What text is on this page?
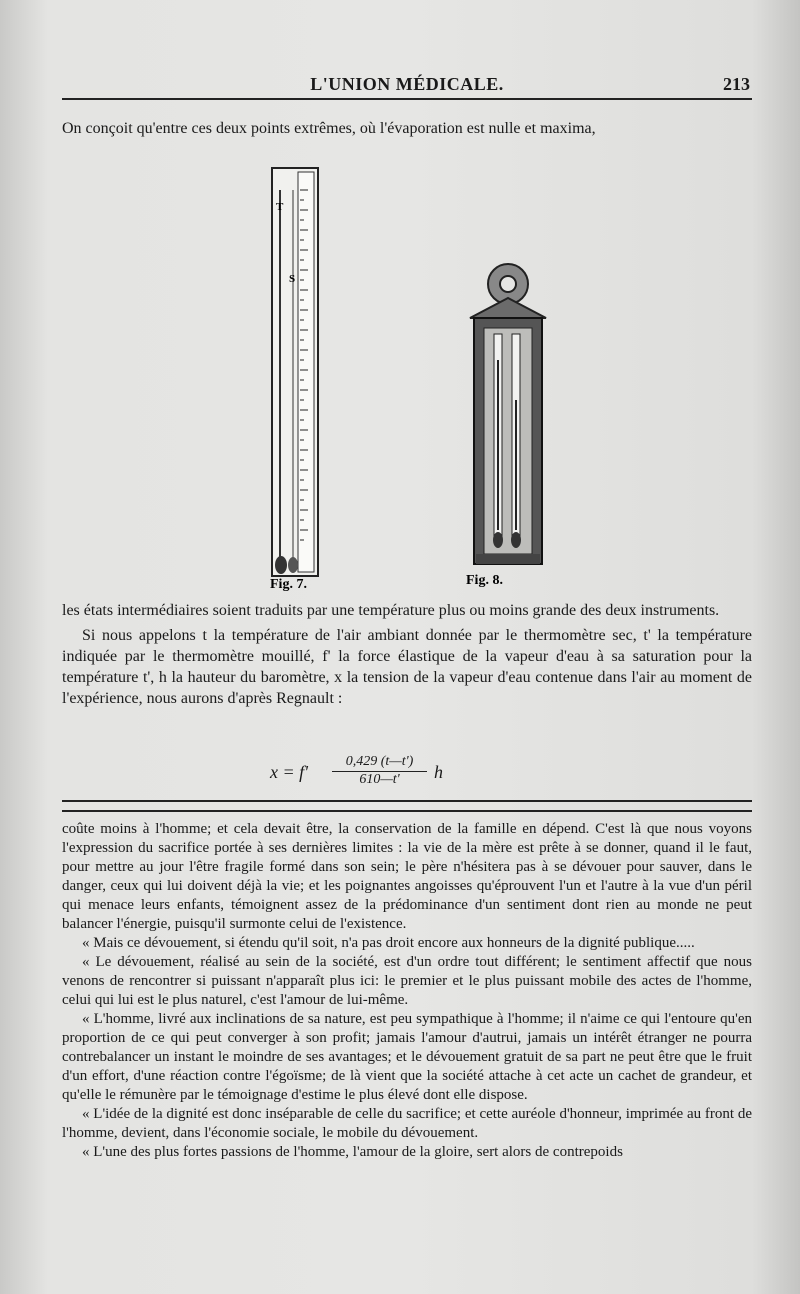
L'UNION MÉDICALE.	213
On conçoit qu'entre ces deux points extrêmes, où l'évaporation est nulle et maxima,
T
S
Fig. 7.	Fig. 8.

les états intermédiaires soient traduits par une température plus ou moins grande des deux instruments.

Si nous appelons t la température de l'air ambiant donnée par le thermomètre sec, t' la température indiquée par le thermomètre mouillé, f' la force élastique de la vapeur d'eau à sa saturation pour la température t', h la hauteur du baromètre, x la tension de la vapeur d'eau contenue dans l'air au moment de l'expérience, nous aurons d'après Regnault :

$x = f' \frac{0,429 (t—t')}{610—t'}$ h

coûte moins à l'homme; et cela devait être, la conservation de la famille en dépend. C'est là que nous voyons l'expression du sacrifice portée à ses dernières limites : la vie de la mère est prête à se donner, quand il le faut, pour mettre au jour l'être fragile formé dans son sein; le père n'hésitera pas à se dévouer pour sauver, dans le danger, ceux qui lui doivent déjà la vie; et les poignantes angoisses qu'éprouvent l'un et l'autre à la vue d'un péril qui menace leurs enfants, témoignent assez de la prédominance d'un sentiment dont rien au monde ne peut balancer l'énergie, puisqu'il surmonte celui de l'existence.

« Mais ce dévouement, si étendu qu'il soit, n'a pas droit encore aux honneurs de la dignité publique.....

« Le dévouement, réalisé au sein de la société, est d'un ordre tout différent; le sentiment affectif que nous venons de rencontrer si puissant n'apparaît plus ici: le premier et le plus puissant mobile des actes de l'homme, celui qui lui est le plus naturel, c'est l'amour de lui-même.

« L'homme, livré aux inclinations de sa nature, est peu sympathique à l'homme; il n'aime ce qui l'entoure qu'en proportion de ce qui peut converger à son profit; jamais l'amour d'autrui, jamais un intérêt étranger ne pourra contrebalancer un instant le moindre de ses avantages; et le dévouement gratuit de sa part ne peut être que le fruit d'un effort, d'une réaction contre l'égoïsme; de là vient que la société attache à cet acte un cachet de grandeur, et qu'elle le rémunère par le témoignage d'estime le plus élevé dont elle dispose.

« L'idée de la dignité est donc inséparable de celle du sacrifice; et cette auréole d'honneur, imprimée au front de l'homme, devient, dans l'économie sociale, le mobile du dévouement.

« L'une des plus fortes passions de l'homme, l'amour de la gloire, sert alors de contrepoids
